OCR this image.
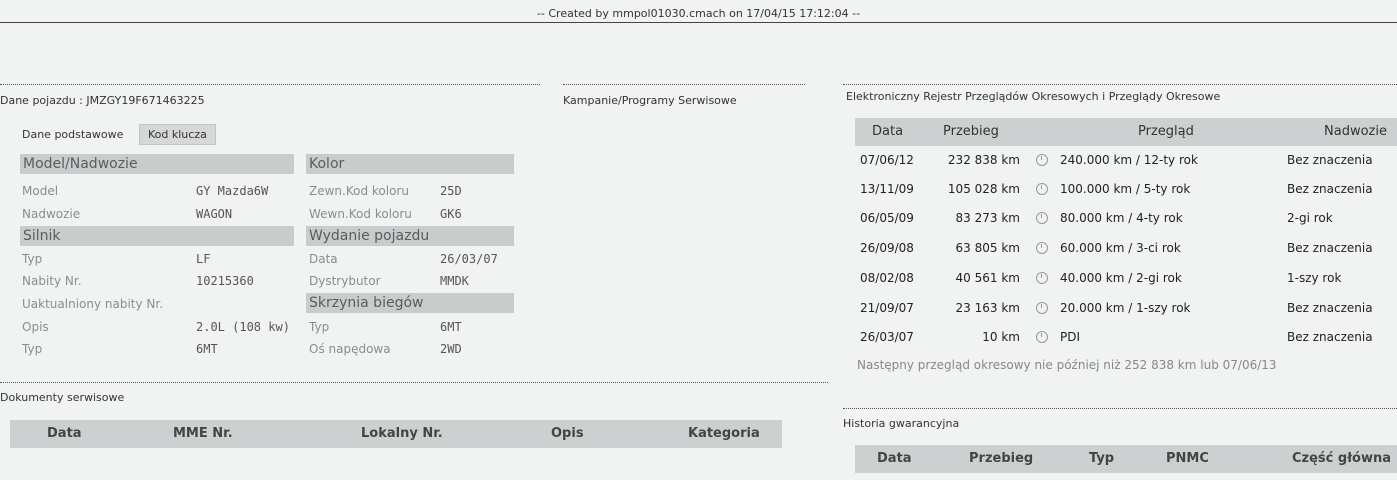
-- Created by mmpol01030.cmach on 17/04/15 17:12:04 --
Dane pojazdu : JMZGY19F671463225
Dane podstawowe	Kod klucza
Model/Nadwozie	Kolor
Silnik	Wydanie pojazdu
Skrzynia biegów
Model	GY Mazda6W
Nadwozie	WAGON
Typ	LF
Nabity Nr.	10215360
Uaktualniony nabity Nr.
Opis	2.0L (108 kw)
Typ	6MT
Zewn.Kod koloru	25D
Wewn.Kod koloru GK6
Data	26/03/07
Dystrybutor	MMDK
Typ	6MT
Oś napędowa	2WD
Kampanie/Programy Serwisowe	Elektroniczny Rejestr Przeglądów Okresowych i Przeglądy Okresowe
Data	Przebieg	Przegląd	Nadwozie
07/06/12	232 838 km	240.000 km / 12-ty rok	Bez znaczenia
13/11/09	105 028 km	100.000 km / 5-ty rok	Bez znaczenia
06/05/09	83 273 km	80.000 km / 4-ty rok	2-gi rok
26/09/08	63 805 km	60.000 km / 3-ci rok	Bez znaczenia
08/02/08	40 561 km	40.000 km / 2-gi rok	1-szy rok
21/09/07	23 163 km	20.000 km / 1-szy rok	Bez znaczenia
26/03/07	10 km	PDI	Bez znaczenia
Następny przegląd okresowy nie później niż 252 838 km lub 07/06/13
Dokumenty serwisowe
Data	MME Nr.	Lokalny Nr.	Opis	Kategoria
Historia gwarancyjna
Data	Przebieg	Typ	PNMC	Część główna
